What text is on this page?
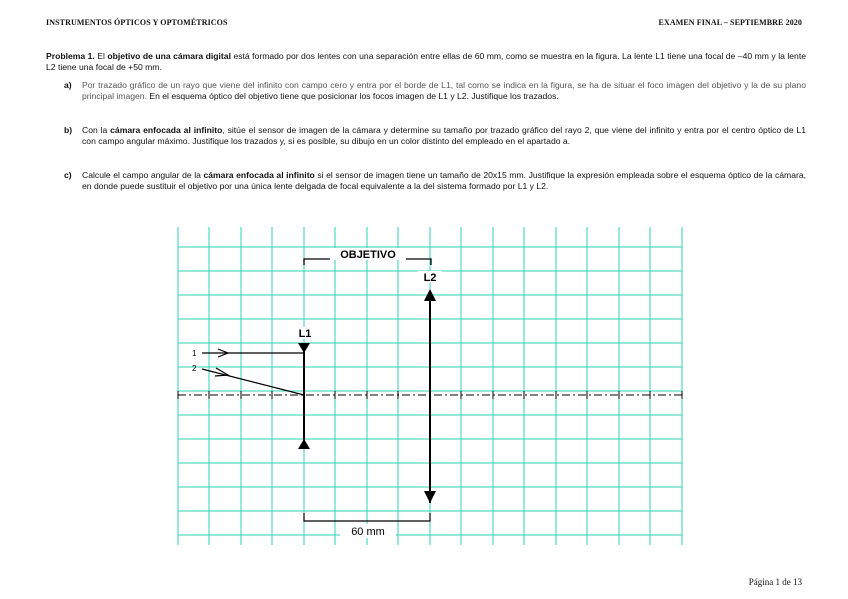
INSTRUMENTOS ÓPTICOS Y OPTOMÉTRICOS	EXAMEN FINAL – SEPTIEMBRE 2020
Problema 1. El objetivo de una cámara digital está formado por dos lentes con una separación entre ellas de 60 mm, como se muestra en la figura. La lente L1 tiene una focal de –40 mm y la lente L2 tiene una focal de +50 mm.
a) Por trazado gráfico de un rayo que viene del infinito con campo cero y entra por el borde de L1, tal como se indica en la figura, se ha de situar el foco imagen del objetivo y la de su plano principal imagen. En el esquema óptico del objetivo tiene que posicionar los focos imagen de L1 y L2. Justifique los trazados.
b) Con la cámara enfocada al infinito, sitúe el sensor de imagen de la cámara y determine su tamaño por trazado gráfico del rayo 2, que viene del infinito y entra por el centro óptico de L1 con campo angular máximo. Justifique los trazados y, si es posible, su dibujo en un color distinto del empleado en el apartado a.
c) Calcule el campo angular de la cámara enfocada al infinito si el sensor de imagen tiene un tamaño de 20x15 mm. Justifique la expresión empleada sobre el esquema óptico de la cámara, en donde puede sustituir el objetivo por una única lente delgada de focal equivalente a la del sistema formado por L1 y L2.
OBJETIVO
L1
L2
1
2
60 mm
Página 1 de 13
